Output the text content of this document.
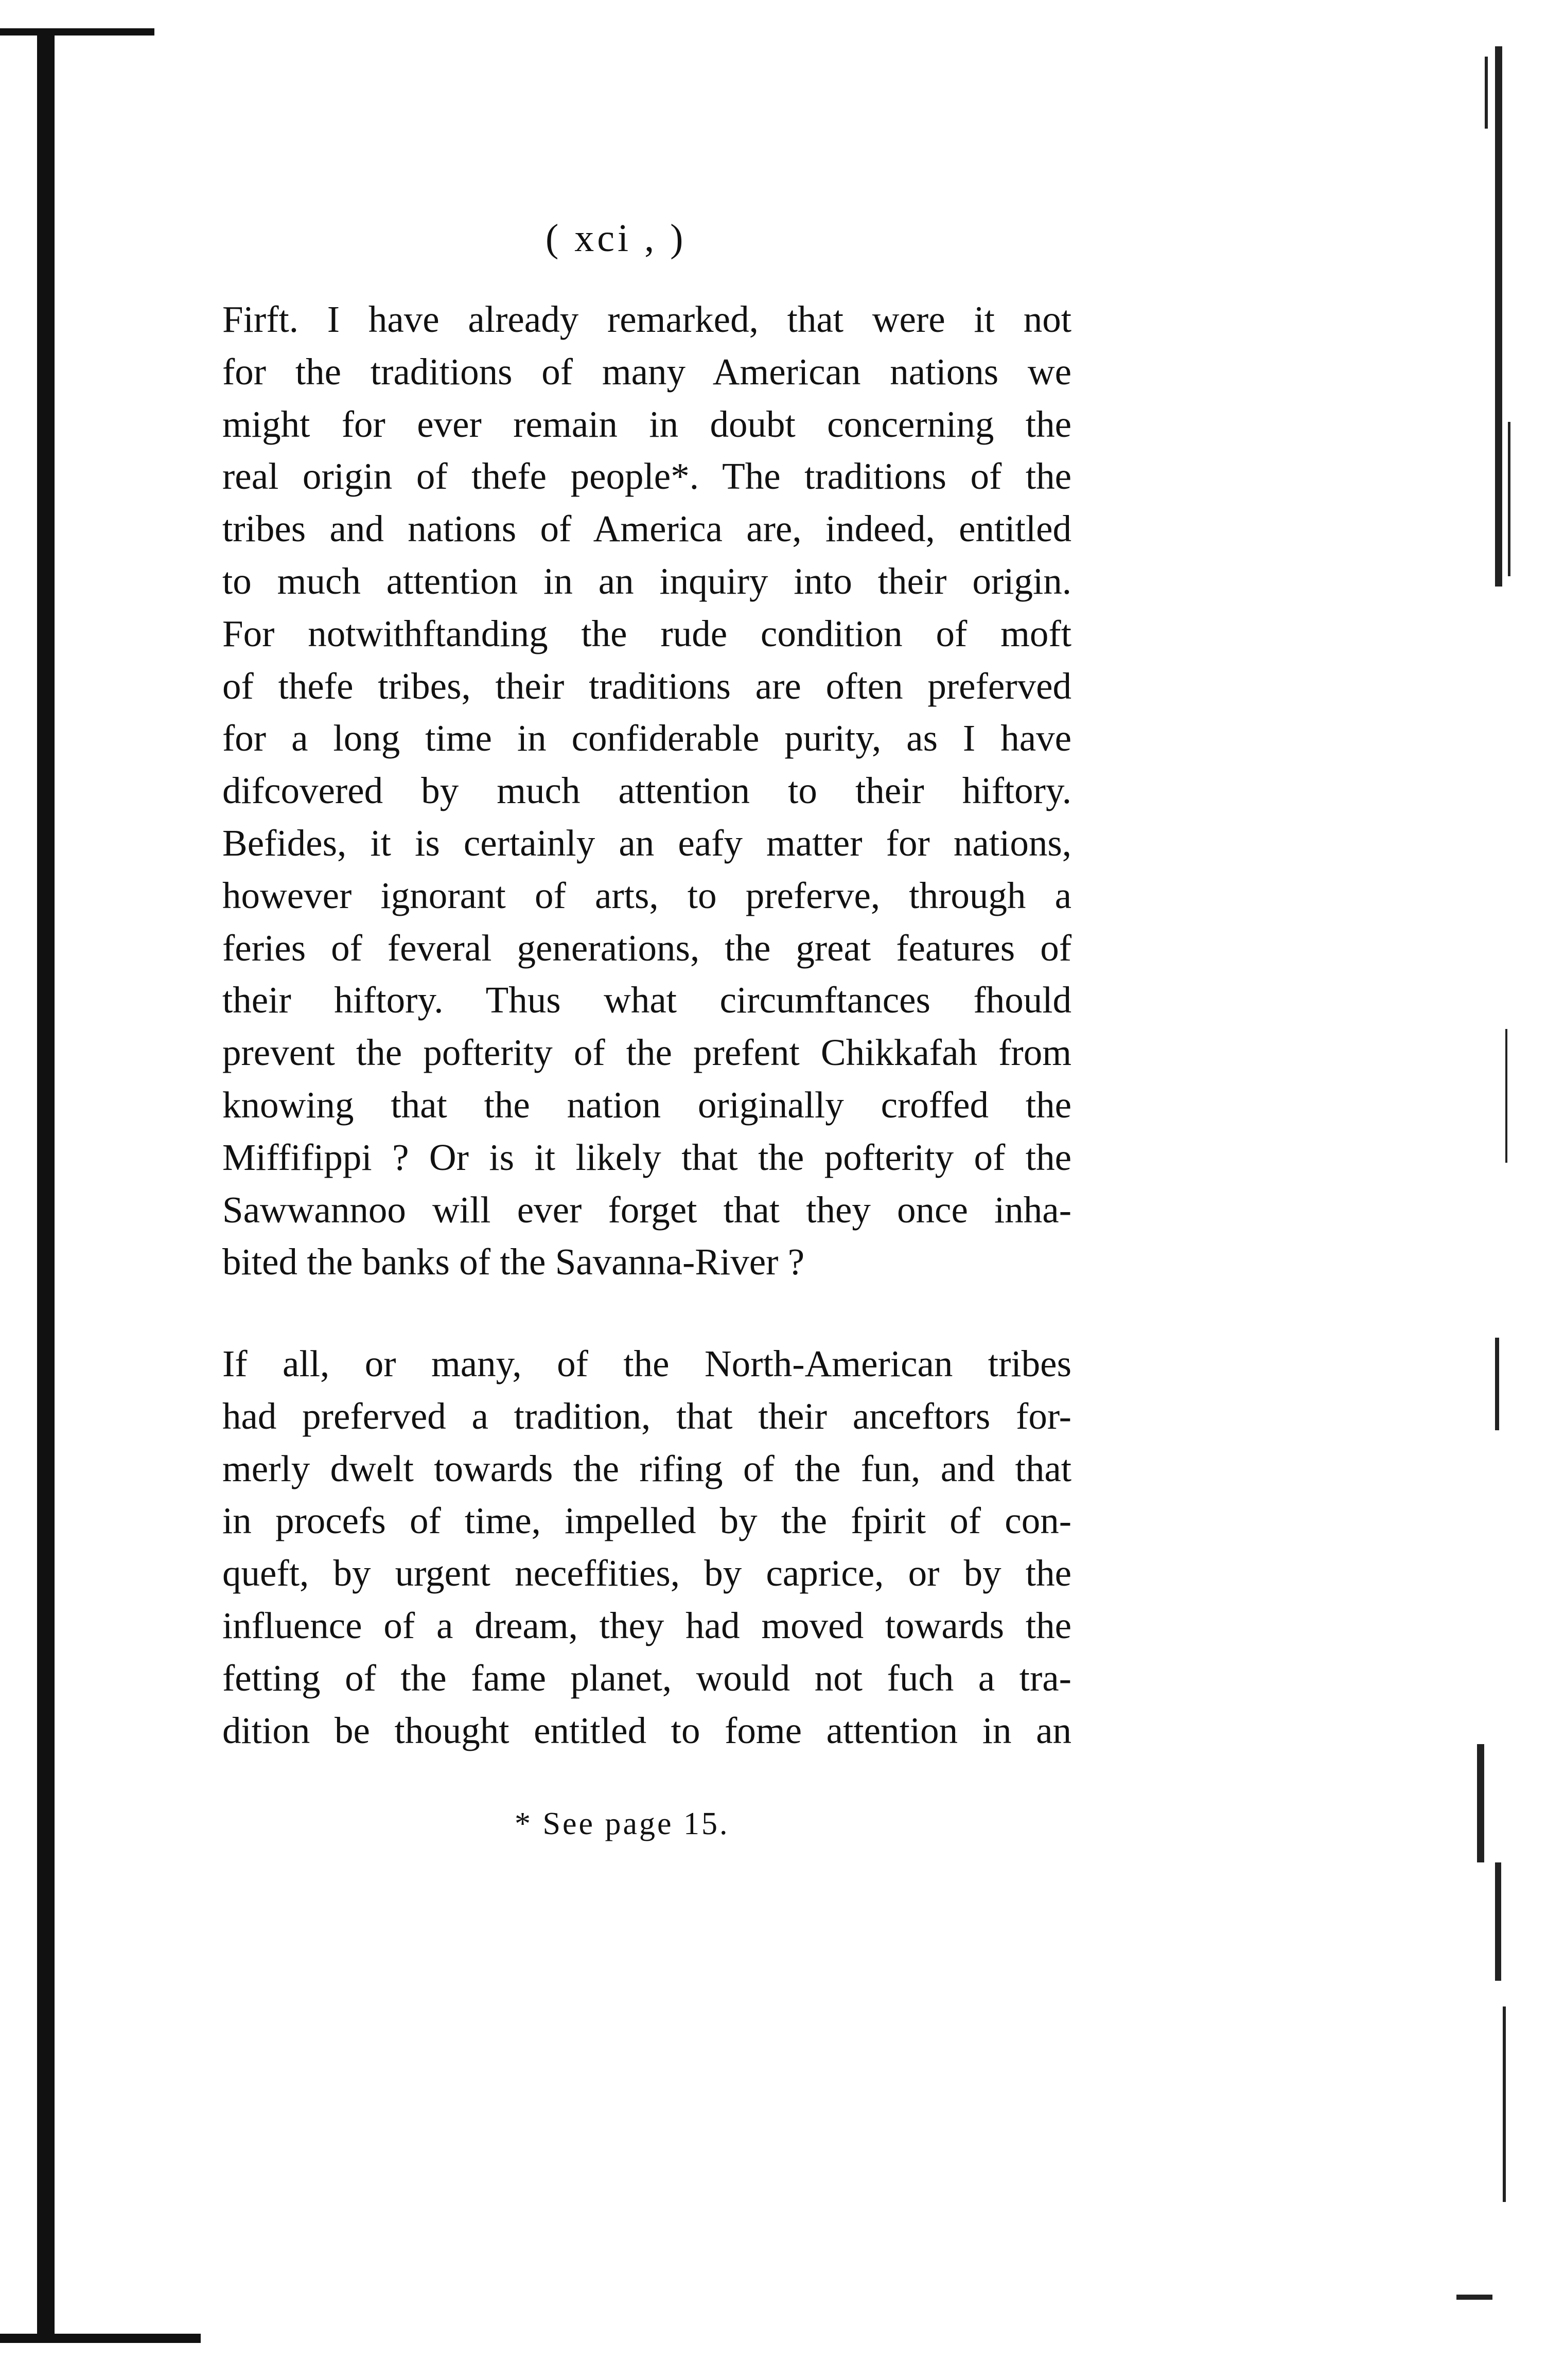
( xci , )
Firft. I have already remarked, that were it not
for the traditions of many American nations we
might for ever remain in doubt concerning the
real origin of thefe people*. The traditions of the
tribes and nations of America are, indeed, entitled
to much attention in an inquiry into their origin.
For notwithftanding the rude condition of moft
of thefe tribes, their traditions are often preferved
for a long time in confiderable purity, as I have
difcovered by much attention to their hiftory.
Befides, it is certainly an eafy matter for nations,
however ignorant of arts, to preferve, through a
feries of feveral generations, the great features of
their hiftory. Thus what circumftances fhould
prevent the pofterity of the prefent Chikkafah from
knowing that the nation originally croffed the
Miffifippi ? Or is it likely that the pofterity of the
Sawwannoo will ever forget that they once inha-
bited the banks of the Savanna-River ?
If all, or many, of the North-American tribes
had preferved a tradition, that their anceftors for-
merly dwelt towards the rifing of the fun, and that
in procefs of time, impelled by the fpirit of con-
queft, by urgent neceffities, by caprice, or by the
influence of a dream, they had moved towards the
fetting of the fame planet, would not fuch a tra-
dition be thought entitled to fome attention in an
* See page 15.
